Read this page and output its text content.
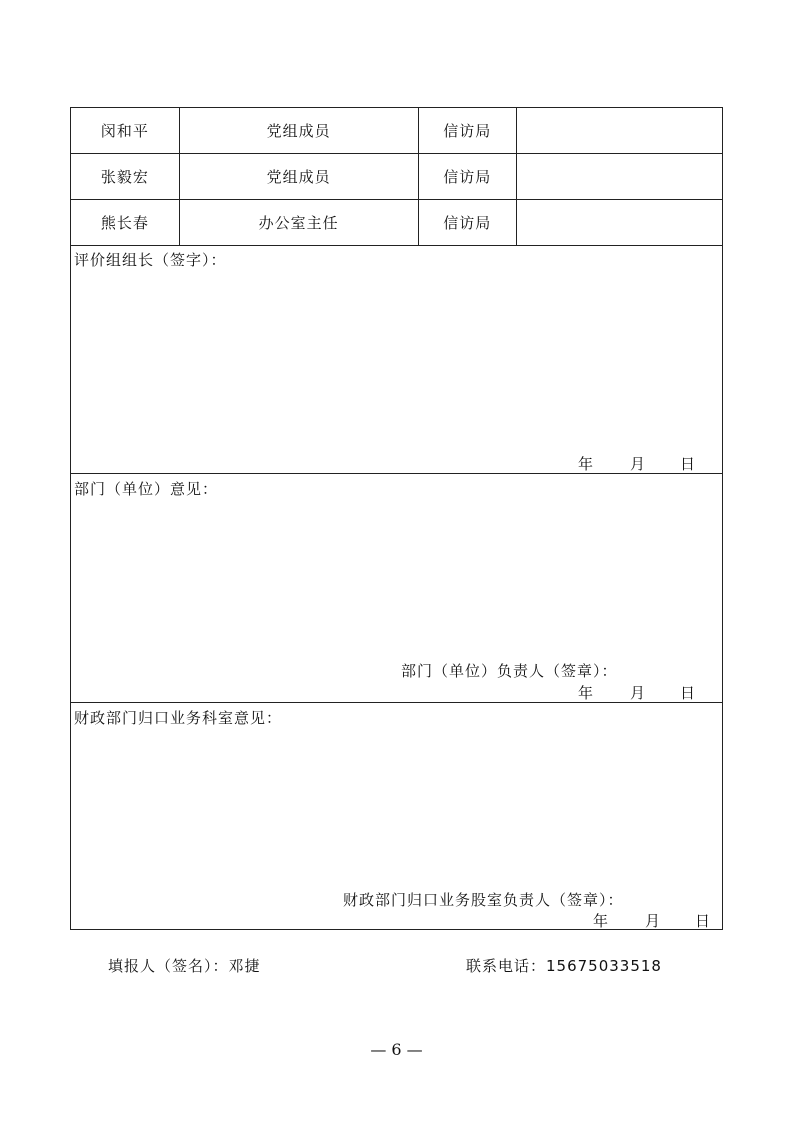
闵和平	党组成员	信访局	
张毅宏	党组成员	信访局	
熊长春	办公室主任	信访局	
评价组组长（签字）：
年 月 日
部门（单位）意见：
部门（单位）负责人（签章）：
年 月 日
财政部门归口业务科室意见：
财政部门归口业务股室负责人（签章）：
年 月 日
填报人（签名）：邓捷	联系电话：15675033518
— 6 —
